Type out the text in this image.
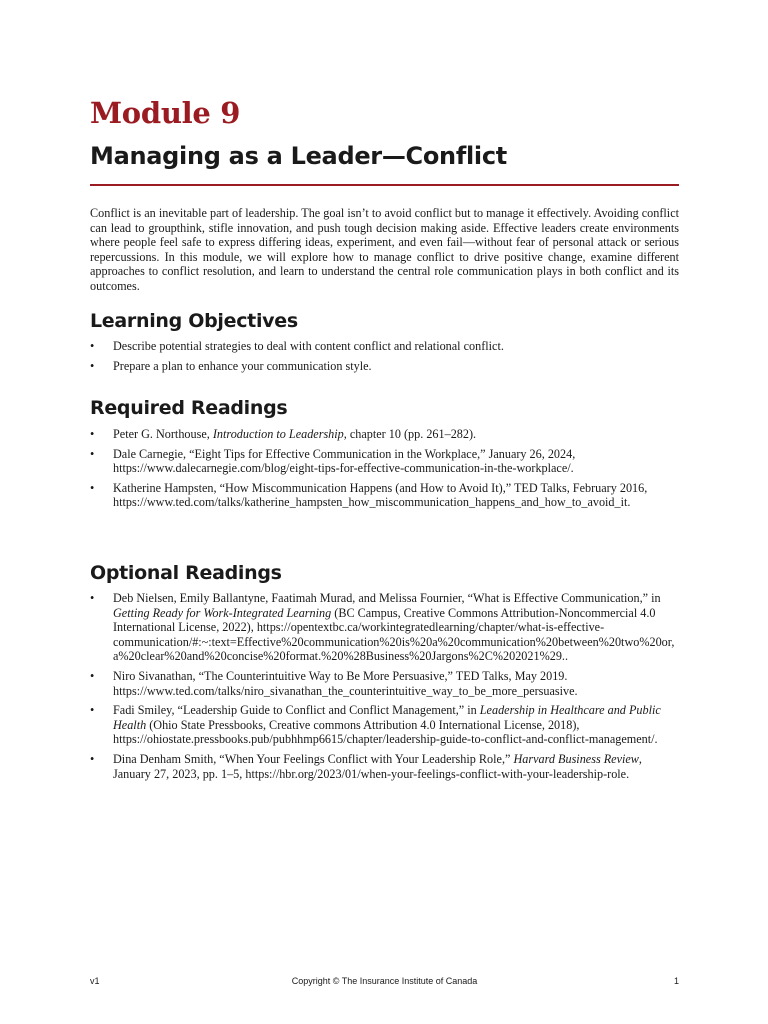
Module 9
Managing as a Leader—Conflict

Conflict is an inevitable part of leadership. The goal isn’t to avoid conflict but to manage it effectively. Avoiding conflict can lead to groupthink, stifle innovation, and push tough decision making aside. Effective leaders create environments where people feel safe to express differing ideas, experiment, and even fail—without fear of personal attack or serious repercussions. In this module, we will explore how to manage conflict to drive positive change, examine different approaches to conflict resolution, and learn to understand the central role communication plays in both conflict and its outcomes.

Learning Objectives
• Describe potential strategies to deal with content conflict and relational conflict.
• Prepare a plan to enhance your communication style.
Required Readings
• Peter G. Northouse, Introduction to Leadership, chapter 10 (pp. 261–282).
• Dale Carnegie, “Eight Tips for Effective Communication in the Workplace,” January 26, 2024, https://www.dalecarnegie.com/blog/eight-tips-for-effective-communication-in-the-workplace/.
• Katherine Hampsten, “How Miscommunication Happens (and How to Avoid It),” TED Talks, February 2016, https://www.ted.com/talks/katherine_hampsten_how_miscommunication_happens_and_how_to_avoid_it.
Optional Readings
• Deb Nielsen, Emily Ballantyne, Faatimah Murad, and Melissa Fournier, “What is Effective Communication,” in Getting Ready for Work-Integrated Learning (BC Campus, Creative Commons Attribution-Noncommercial 4.0 International License, 2022), https://opentextbc.ca/workintegratedlearning/chapter/what-is-effective-communication/#:~:text=Effective%20communication%20is%20a%20communication%20between%20two%20or,a%20clear%20and%20concise%20format.%20%28Business%20Jargons%2C%202021%29..
• Niro Sivanathan, “The Counterintuitive Way to Be More Persuasive,” TED Talks, May 2019. https://www.ted.com/talks/niro_sivanathan_the_counterintuitive_way_to_be_more_persuasive.
• Fadi Smiley, “Leadership Guide to Conflict and Conflict Management,” in Leadership in Healthcare and Public Health (Ohio State Pressbooks, Creative commons Attribution 4.0 International License, 2018), https://ohiostate.pressbooks.pub/pubhhmp6615/chapter/leadership-guide-to-conflict-and-conflict-management/.
• Dina Denham Smith, “When Your Feelings Conflict with Your Leadership Role,” Harvard Business Review, January 27, 2023, pp. 1–5, https://hbr.org/2023/01/when-your-feelings-conflict-with-your-leadership-role.
v1	Copyright © The Insurance Institute of Canada	1
